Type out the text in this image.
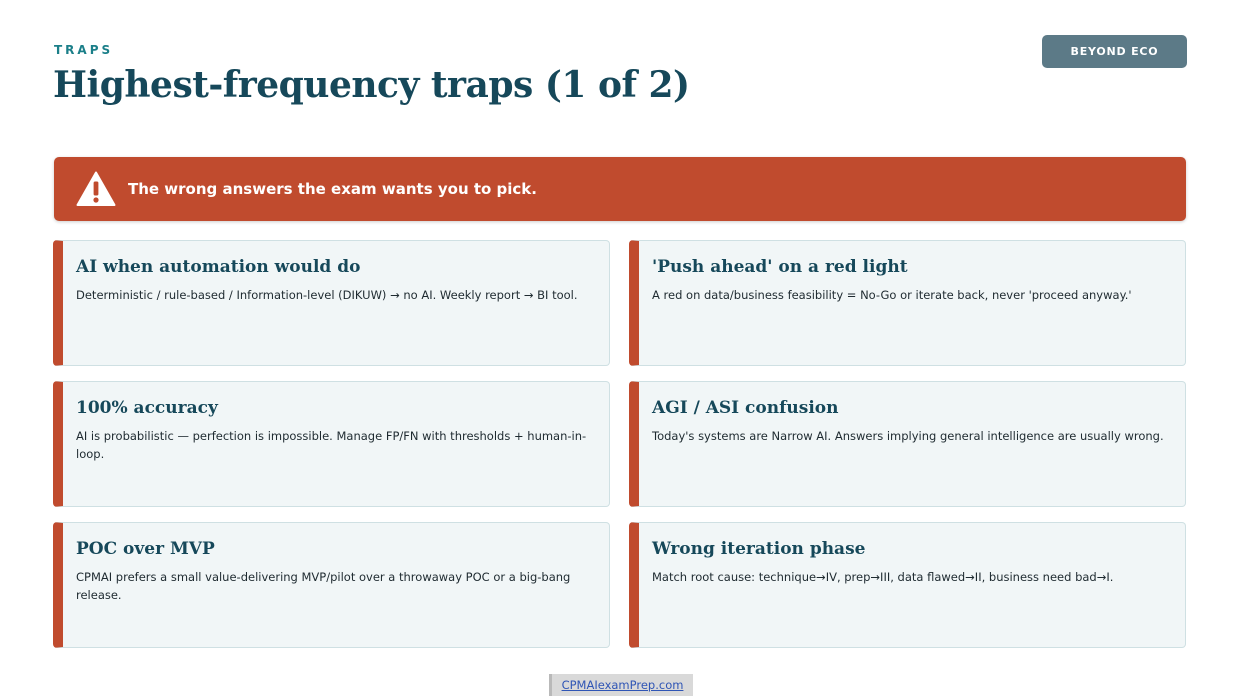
TRAPS
Highest-frequency traps (1 of 2)
BEYOND ECO
The wrong answers the exam wants you to pick.
AI when automation would do

Deterministic / rule-based / Information-level (DIKUW) → no AI. Weekly report → BI tool.

'Push ahead' on a red light

A red on data/business feasibility = No-Go or iterate back, never 'proceed anyway.'

100% accuracy

AI is probabilistic — perfection is impossible. Manage FP/FN with thresholds + human-in-loop.

AGI / ASI confusion

Today's systems are Narrow AI. Answers implying general intelligence are usually wrong.

POC over MVP

CPMAI prefers a small value-delivering MVP/pilot over a throwaway POC or a big-bang release.

Wrong iteration phase

Match root cause: technique→IV, prep→III, data flawed→II, business need bad→I.

CPMAIexamPrep.com
